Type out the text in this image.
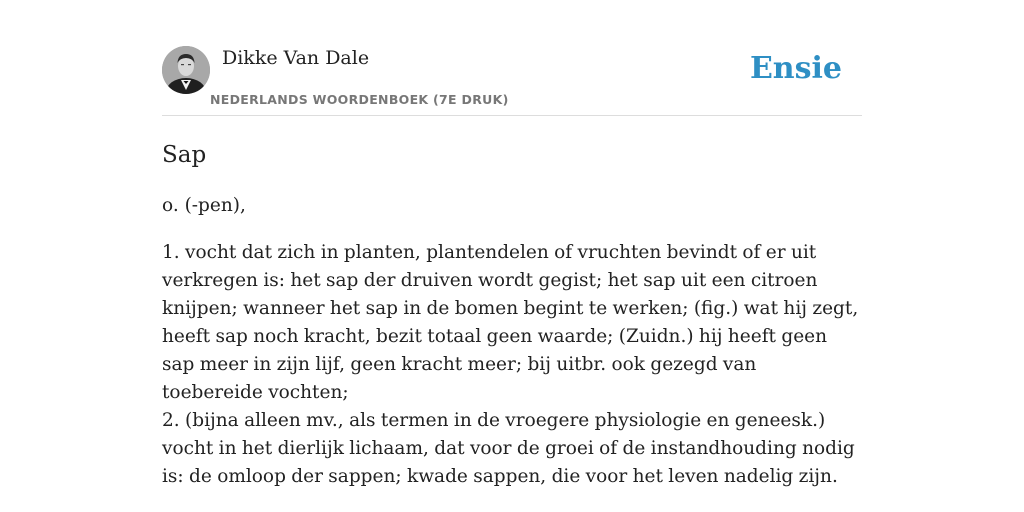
Dikke Van Dale
NEDERLANDS WOORDENBOEK (7E DRUK)
Ensie
Sap
o. (-pen),
1. vocht dat zich in planten, plantendelen of vruchten bevindt of er uit verkregen is: het sap der druiven wordt gegist; het sap uit een citroen knijpen; wanneer het sap in de bomen begint te werken; (fig.) wat hij zegt, heeft sap noch kracht, bezit totaal geen waarde; (Zuidn.) hij heeft geen sap meer in zijn lijf, geen kracht meer; bij uitbr. ook gezegd van toebereide vochten;
2. (bijna alleen mv., als termen in de vroegere physiologie en geneesk.) vocht in het dierlijk lichaam, dat voor de groei of de instandhouding nodig is: de omloop der sappen; kwade sappen, die voor het leven nadelig zijn.
